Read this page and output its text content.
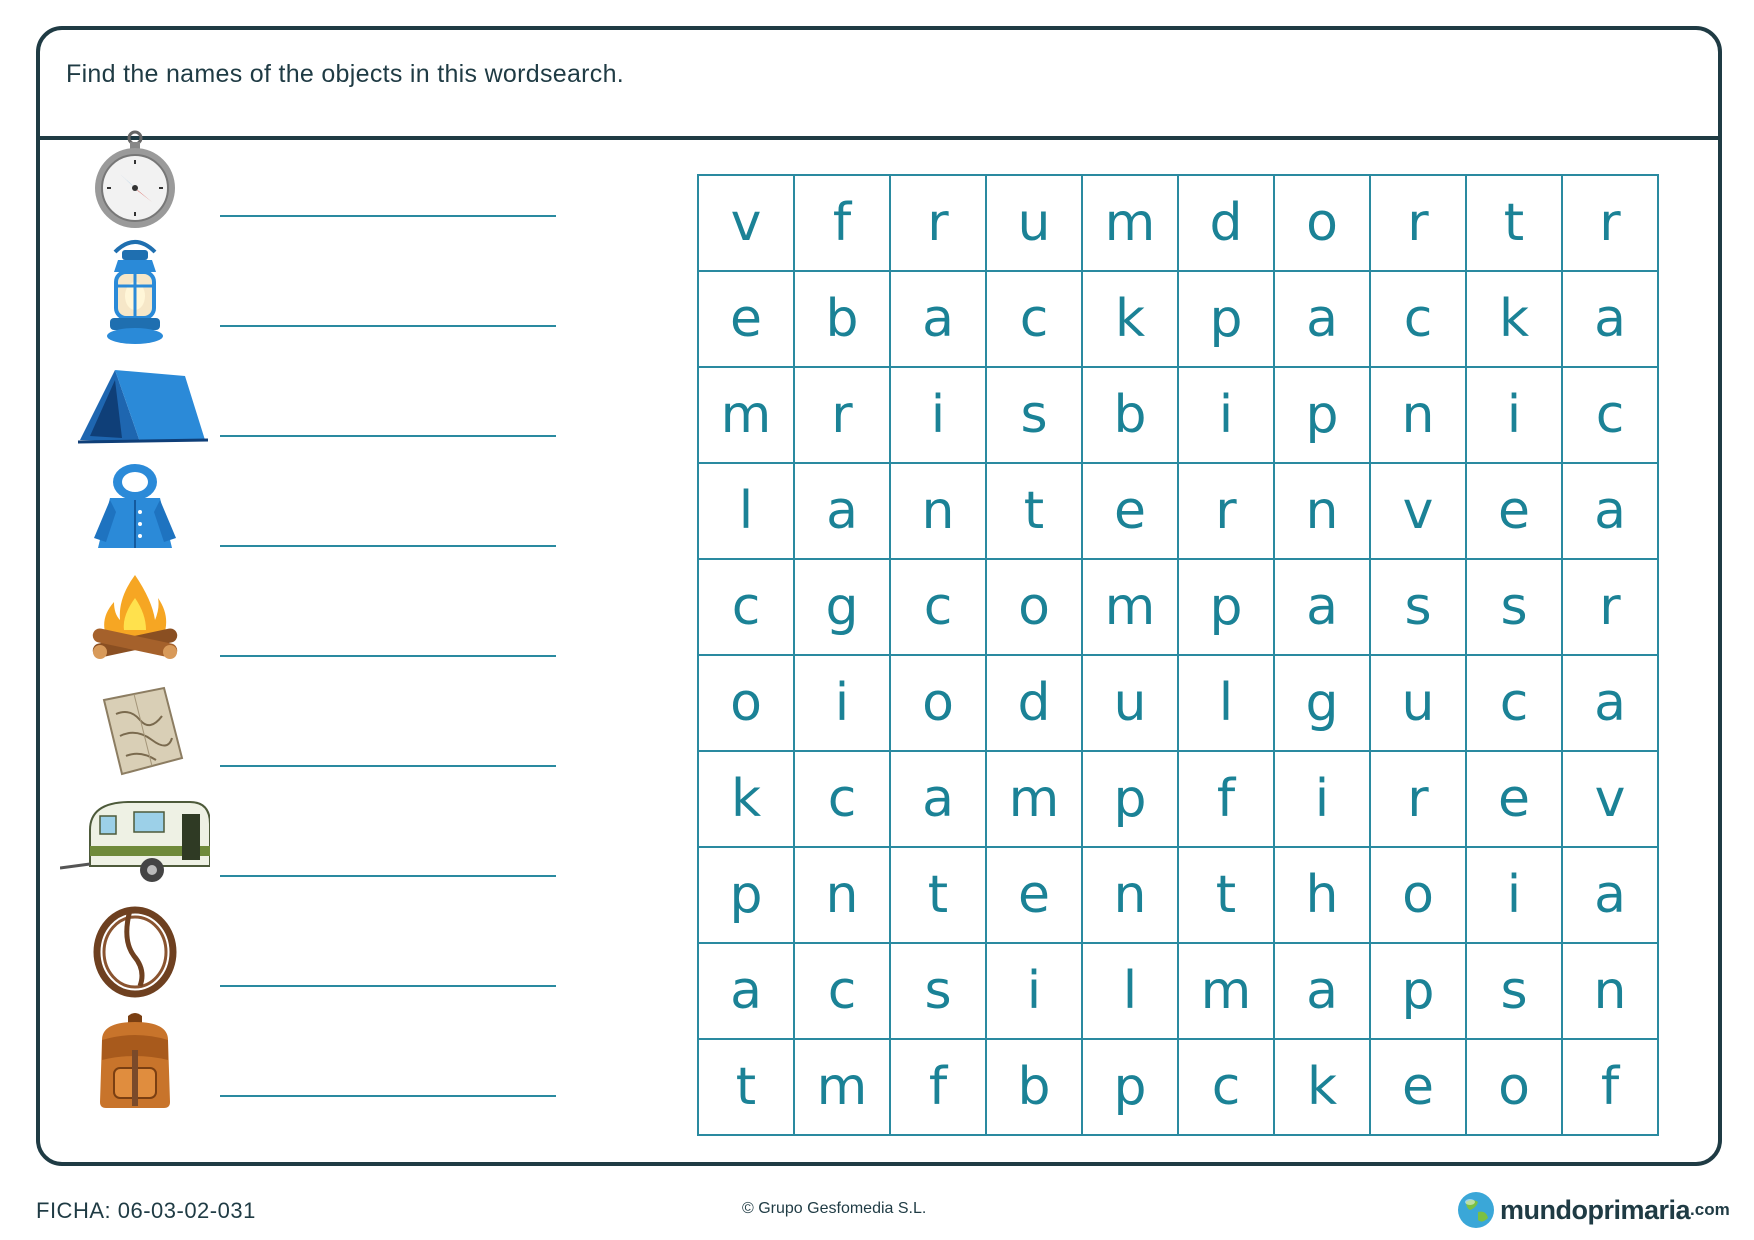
Find the names of the objects in this wordsearch.
v	f	r	u	m	d	o	r	t	r
e	b	a	c	k	p	a	c	k	a
m	r	i	s	b	i	p	n	i	c
l	a	n	t	e	r	n	v	e	a
c	g	c	o	m	p	a	s	s	r
o	i	o	d	u	l	g	u	c	a
k	c	a	m	p	f	i	r	e	v
p	n	t	e	n	t	h	o	i	a
a	c	s	i	l	m	a	p	s	n
t	m	f	b	p	c	k	e	o	f
FICHA: 06-03-02-031	© Grupo Gesfomedia S.L.	mundoprimaria .com
